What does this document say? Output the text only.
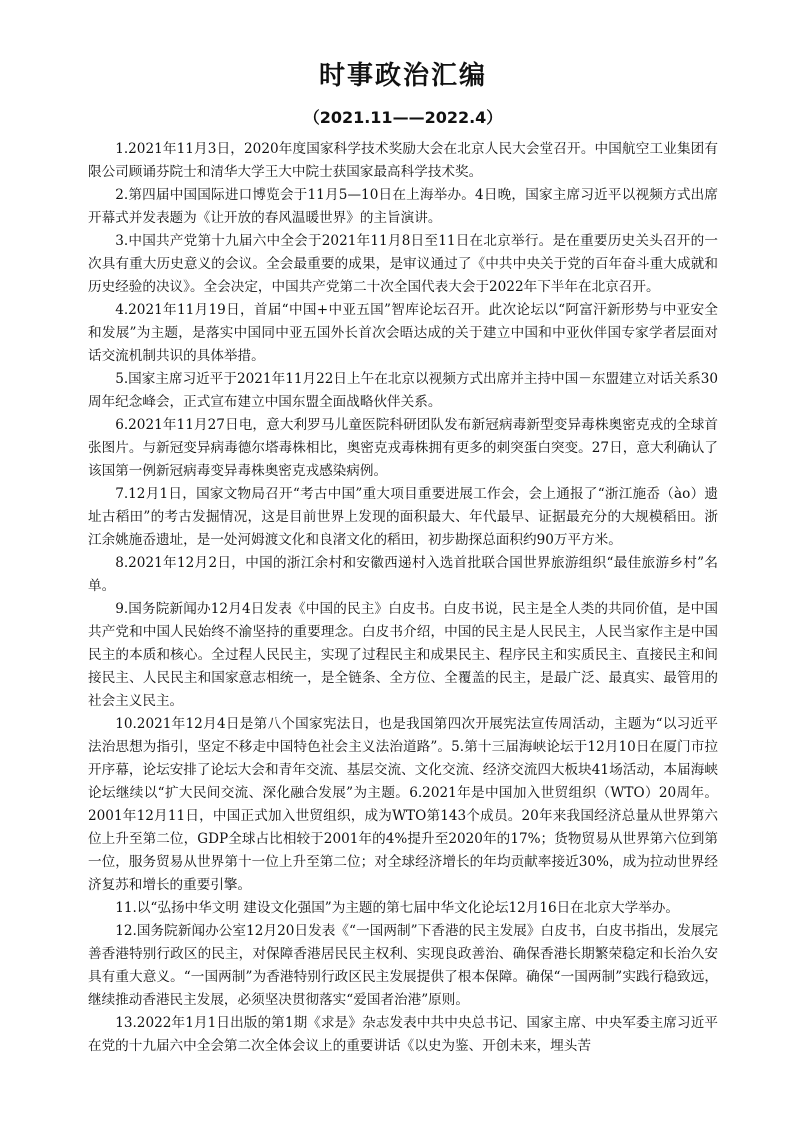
时事政治汇编
（2021.11——2022.4）

1.2021年11月3日，2020年度国家科学技术奖励大会在北京人民大会堂召开。中国航空工业集团有限公司顾诵芬院士和清华大学王大中院士获国家最高科学技术奖。

2.第四届中国国际进口博览会于11月5—10日在上海举办。4日晚，国家主席习近平以视频方式出席开幕式并发表题为《让开放的春风温暖世界》的主旨演讲。

3.中国共产党第十九届六中全会于2021年11月8日至11日在北京举行。是在重要历史关头召开的一次具有重大历史意义的会议。全会最重要的成果，是审议通过了《中共中央关于党的百年奋斗重大成就和历史经验的决议》。全会决定，中国共产党第二十次全国代表大会于2022年下半年在北京召开。

4.2021年11月19日，首届“中国+中亚五国”智库论坛召开。此次论坛以“阿富汗新形势与中亚安全和发展”为主题，是落实中国同中亚五国外长首次会晤达成的关于建立中国和中亚伙伴国专家学者层面对话交流机制共识的具体举措。

5.国家主席习近平于2021年11月22日上午在北京以视频方式出席并主持中国－东盟建立对话关系30周年纪念峰会，正式宣布建立中国东盟全面战略伙伴关系。

6.2021年11月27日电，意大利罗马儿童医院科研团队发布新冠病毒新型变异毒株奥密克戎的全球首张图片。与新冠变异病毒德尔塔毒株相比，奥密克戎毒株拥有更多的刺突蛋白突变。27日，意大利确认了该国第一例新冠病毒变异毒株奥密克戎感染病例。

7.12月1日，国家文物局召开“考古中国”重大项目重要进展工作会，会上通报了“浙江施岙（ào）遗址古稻田”的考古发掘情况，这是目前世界上发现的面积最大、年代最早、证据最充分的大规模稻田。浙江余姚施岙遗址，是一处河姆渡文化和良渚文化的稻田，初步勘探总面积约90万平方米。

8.2021年12月2日，中国的浙江余村和安徽西递村入选首批联合国世界旅游组织“最佳旅游乡村”名单。

9.国务院新闻办12月4日发表《中国的民主》白皮书。白皮书说，民主是全人类的共同价值，是中国共产党和中国人民始终不渝坚持的重要理念。白皮书介绍，中国的民主是人民民主，人民当家作主是中国民主的本质和核心。全过程人民民主，实现了过程民主和成果民主、程序民主和实质民主、直接民主和间接民主、人民民主和国家意志相统一，是全链条、全方位、全覆盖的民主，是最广泛、最真实、最管用的社会主义民主。

10.2021年12月4日是第八个国家宪法日，也是我国第四次开展宪法宣传周活动，主题为“以习近平法治思想为指引，坚定不移走中国特色社会主义法治道路”。5.第十三届海峡论坛于12月10日在厦门市拉开序幕，论坛安排了论坛大会和青年交流、基层交流、文化交流、经济交流四大板块41场活动，本届海峡论坛继续以“扩大民间交流、深化融合发展”为主题。6.2021年是中国加入世贸组织（WTO）20周年。2001年12月11日，中国正式加入世贸组织，成为WTO第143个成员。20年来我国经济总量从世界第六位上升至第二位，GDP全球占比相较于2001年的4%提升至2020年的17%；货物贸易从世界第六位到第一位，服务贸易从世界第十一位上升至第二位；对全球经济增长的年均贡献率接近30%，成为拉动世界经济复苏和增长的重要引擎。

11.以“弘扬中华文明 建设文化强国”为主题的第七届中华文化论坛12月16日在北京大学举办。

12.国务院新闻办公室12月20日发表《“一国两制”下香港的民主发展》白皮书，白皮书指出，发展完善香港特别行政区的民主，对保障香港居民民主权利、实现良政善治、确保香港长期繁荣稳定和长治久安具有重大意义。“一国两制”为香港特别行政区民主发展提供了根本保障。确保“一国两制”实践行稳致远，继续推动香港民主发展，必须坚决贯彻落实“爱国者治港”原则。

13.2022年1月1日出版的第1期《求是》杂志发表中共中央总书记、国家主席、中央军委主席习近平在党的十九届六中全会第二次全体会议上的重要讲话《以史为鉴、开创未来，埋头苦
